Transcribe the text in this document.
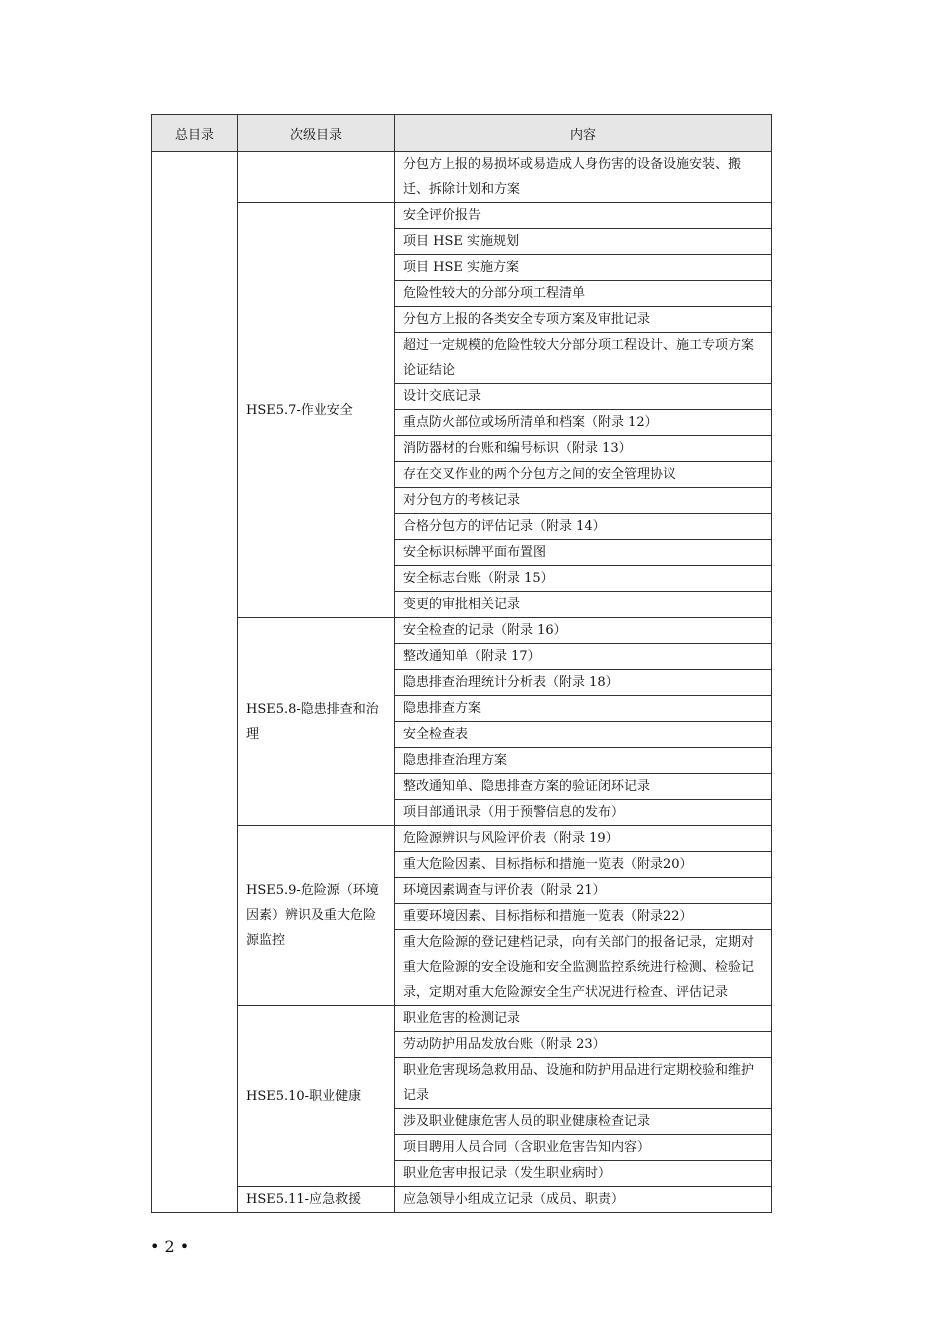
总目录	次级目录	内容
		分包方上报的易损坏或易造成人身伤害的设备设施安装、搬迁、拆除计划和方案
	HSE5.7-作业安全	安全评价报告
		项目 HSE 实施规划
		项目 HSE 实施方案
		危险性较大的分部分项工程清单
		分包方上报的各类安全专项方案及审批记录
		超过一定规模的危险性较大分部分项工程设计、施工专项方案论证结论
		设计交底记录
		重点防火部位或场所清单和档案（附录 12）
		消防器材的台账和编号标识（附录 13）
		存在交叉作业的两个分包方之间的安全管理协议
		对分包方的考核记录
		合格分包方的评估记录（附录 14）
		安全标识标牌平面布置图
		安全标志台账（附录 15）
		变更的审批相关记录
	HSE5.8-隐患排查和治理	安全检查的记录（附录 16）
		整改通知单（附录 17）
		隐患排查治理统计分析表（附录 18）
		隐患排查方案
		安全检查表
		隐患排查治理方案
		整改通知单、隐患排查方案的验证闭环记录
		项目部通讯录（用于预警信息的发布）
	HSE5.9-危险源（环境因素）辨识及重大危险源监控	危险源辨识与风险评价表（附录 19）
		重大危险因素、目标指标和措施一览表（附录20）
		环境因素调查与评价表（附录 21）
		重要环境因素、目标指标和措施一览表（附录22）
		重大危险源的登记建档记录，向有关部门的报备记录，定期对重大危险源的安全设施和安全监测监控系统进行检测、检验记录，定期对重大危险源安全生产状况进行检查、评估记录
	HSE5.10-职业健康	职业危害的检测记录
		劳动防护用品发放台账（附录 23）
		职业危害现场急救用品、设施和防护用品进行定期校验和维护记录
		涉及职业健康危害人员的职业健康检查记录
		项目聘用人员合同（含职业危害告知内容）
		职业危害申报记录（发生职业病时）
	HSE5.11-应急救援	应急领导小组成立记录（成员、职责）
• 2 •
